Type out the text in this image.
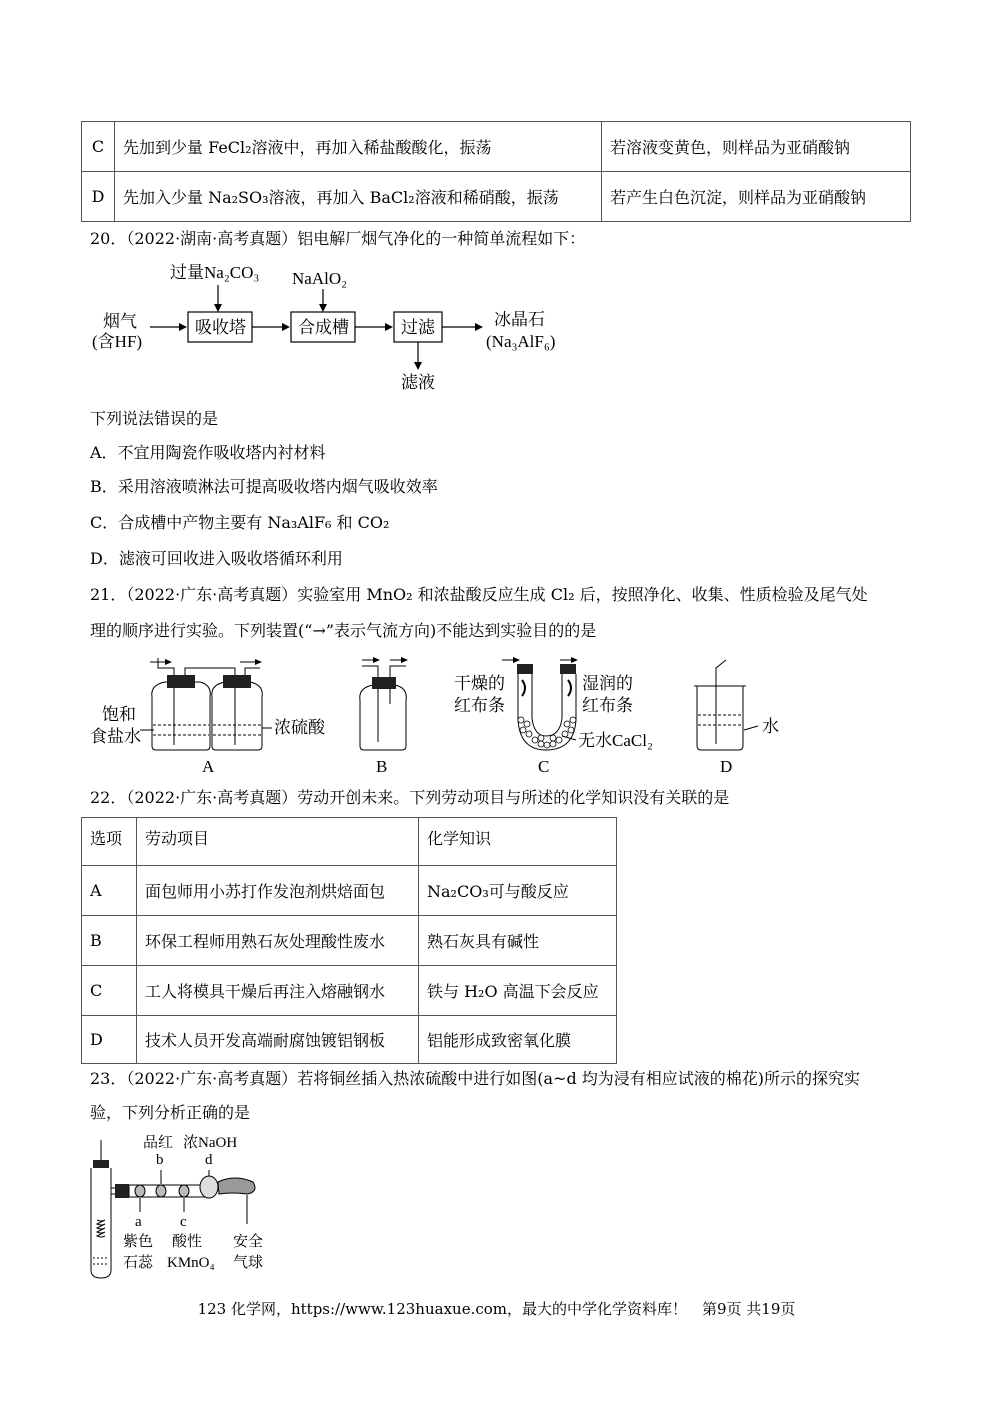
C	先加到少量 FeCl₂溶液中，再加入稀盐酸酸化，振荡	若溶液变黄色，则样品为亚硝酸钠
D	先加入少量 Na₂SO₃溶液，再加入 BaCl₂溶液和稀硝酸，振荡	若产生白色沉淀，则样品为亚硝酸钠
20．（2022·湖南·高考真题）铝电解厂烟气净化的一种简单流程如下：
烟气
(含HF)
吸收塔
过量Na₂CO₃
合成槽
NaAlO₂
过滤
滤液
冰晶石
(Na₃AlF₆)
下列说法错误的是
A．不宜用陶瓷作吸收塔内衬材料
B．采用溶液喷淋法可提高吸收塔内烟气吸收效率
C．合成槽中产物主要有 Na₃AlF₆ 和 CO₂
D．滤液可回收进入吸收塔循环利用
21．（2022·广东·高考真题）实验室用 MnO₂ 和浓盐酸反应生成 Cl₂ 后，按照净化、收集、性质检验及尾气处
理的顺序进行实验。下列装置(“→”表示气流方向)不能达到实验目的的是
饱和
食盐水	浓硫酸
A	B
干燥的
红布条
湿润的
红布条
无水CaCl₂
C
水
D
22．（2022·广东·高考真题）劳动开创未来。下列劳动项目与所述的化学知识没有关联的是
选项	劳动项目	化学知识
A	面包师用小苏打作发泡剂烘焙面包	Na₂CO₃可与酸反应
B	环保工程师用熟石灰处理酸性废水	熟石灰具有碱性
C	工人将模具干燥后再注入熔融钢水	铁与 H₂O 高温下会反应
D	技术人员开发高端耐腐蚀镀铝钢板	铝能形成致密氧化膜
23．（2022·广东·高考真题）若将铜丝插入热浓硫酸中进行如图(a~d 均为浸有相应试液的棉花)所示的探究实
验，下列分析正确的是
品红 浓NaOH
b	d
a	c
紫色
石蕊
酸性
KMnO₄
安全
气球
123 化学网，https://www.123huaxue.com，最大的中学化学资料库！　第9页 共19页
